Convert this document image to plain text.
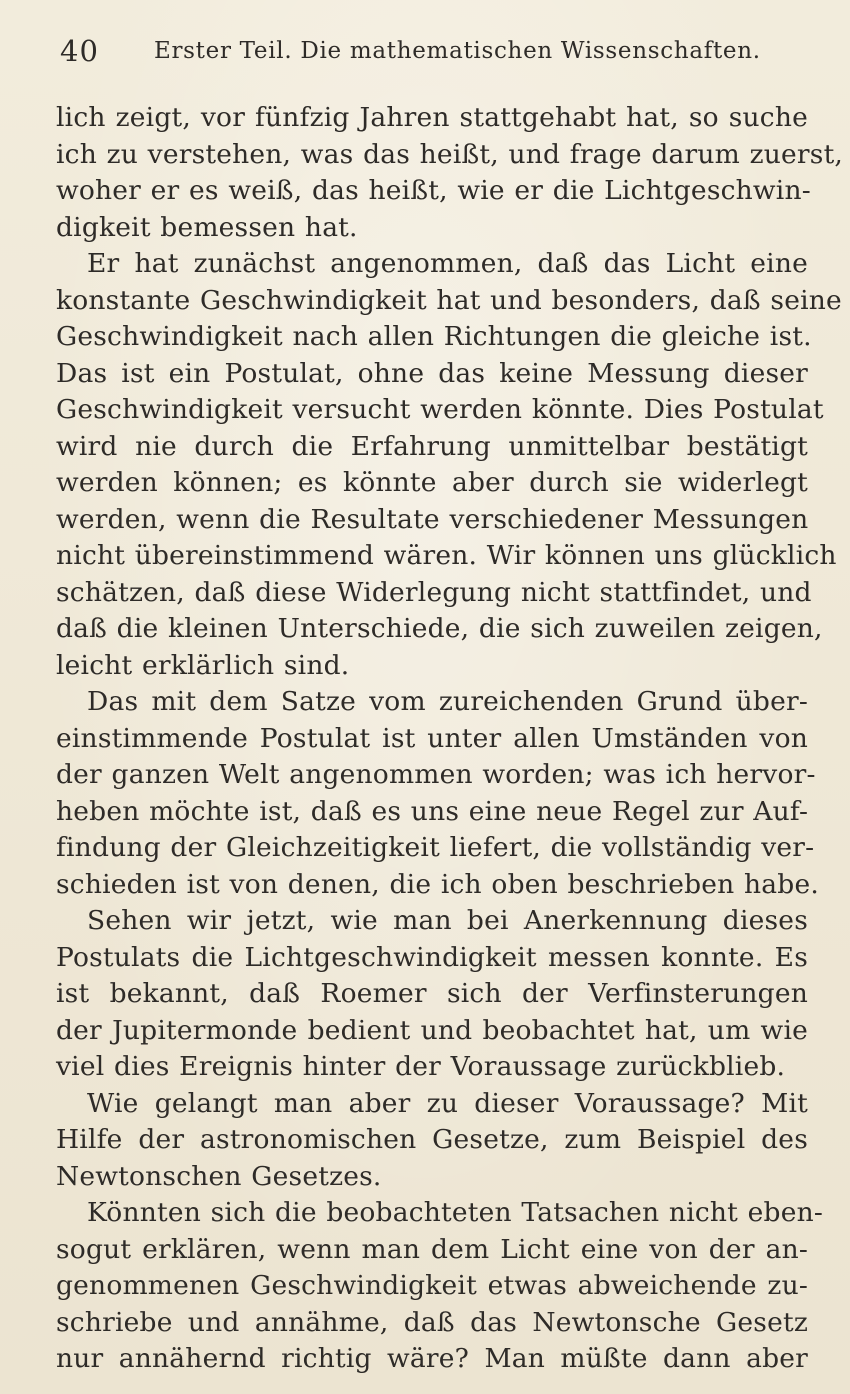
40 Erster Teil. Die mathematischen Wissenschaften.
lich zeigt, vor fünfzig Jahren stattgehabt hat, so suche
ich zu verstehen, was das heißt, und frage darum zuerst,
woher er es weiß, das heißt, wie er die Lichtgeschwin-
digkeit bemessen hat.
Er hat zunächst angenommen, daß das Licht eine
konstante Geschwindigkeit hat und besonders, daß seine
Geschwindigkeit nach allen Richtungen die gleiche ist.
Das ist ein Postulat, ohne das keine Messung dieser
Geschwindigkeit versucht werden könnte. Dies Postulat
wird nie durch die Erfahrung unmittelbar bestätigt
werden können; es könnte aber durch sie widerlegt
werden, wenn die Resultate verschiedener Messungen
nicht übereinstimmend wären. Wir können uns glücklich
schätzen, daß diese Widerlegung nicht stattfindet, und
daß die kleinen Unterschiede, die sich zuweilen zeigen,
leicht erklärlich sind.
Das mit dem Satze vom zureichenden Grund über-
einstimmende Postulat ist unter allen Umständen von
der ganzen Welt angenommen worden; was ich hervor-
heben möchte ist, daß es uns eine neue Regel zur Auf-
findung der Gleichzeitigkeit liefert, die vollständig ver-
schieden ist von denen, die ich oben beschrieben habe.
Sehen wir jetzt, wie man bei Anerkennung dieses
Postulats die Lichtgeschwindigkeit messen konnte. Es
ist bekannt, daß Roemer sich der Verfinsterungen
der Jupitermonde bedient und beobachtet hat, um wie
viel dies Ereignis hinter der Voraussage zurückblieb.
Wie gelangt man aber zu dieser Voraussage? Mit
Hilfe der astronomischen Gesetze, zum Beispiel des
Newtonschen Gesetzes.
Könnten sich die beobachteten Tatsachen nicht eben-
sogut erklären, wenn man dem Licht eine von der an-
genommenen Geschwindigkeit etwas abweichende zu-
schriebe und annähme, daß das Newtonsche Gesetz
nur annähernd richtig wäre? Man müßte dann aber
